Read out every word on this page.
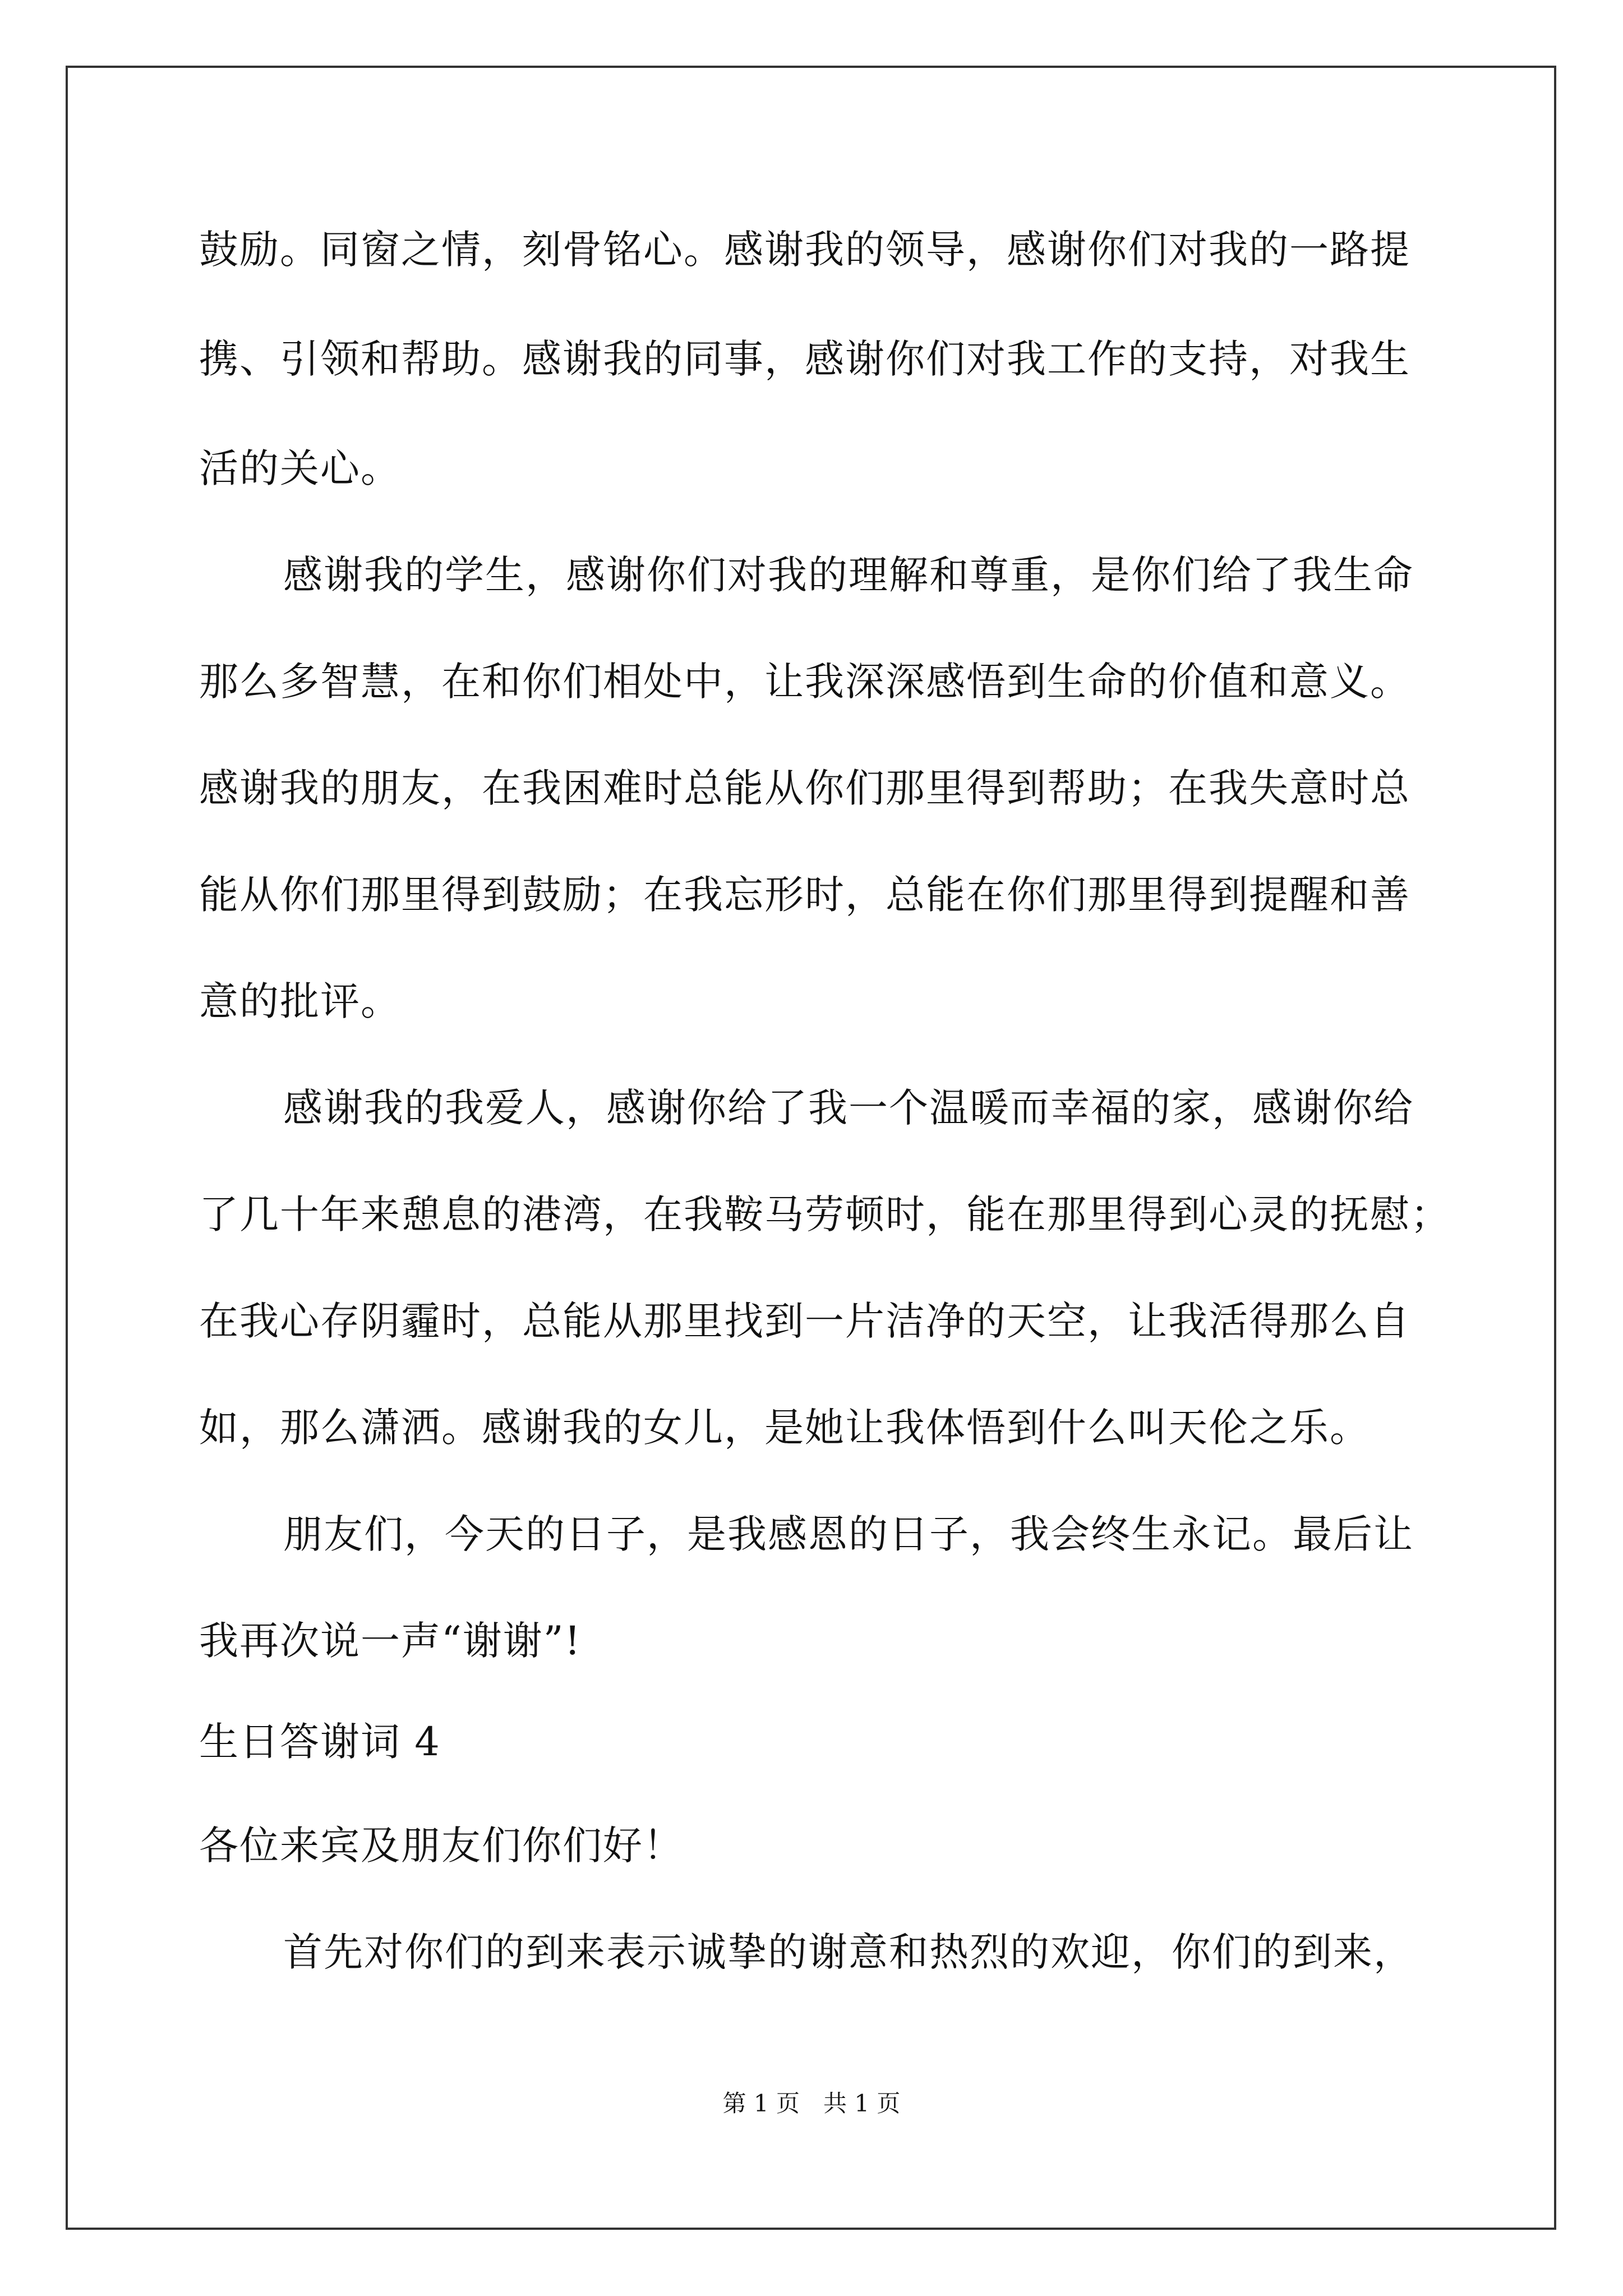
鼓励。同窗之情，刻骨铭心。感谢我的领导，感谢你们对我的一路提
携、引领和帮助。感谢我的同事，感谢你们对我工作的支持，对我生
活的关心。
感谢我的学生，感谢你们对我的理解和尊重，是你们给了我生命
那么多智慧，在和你们相处中，让我深深感悟到生命的价值和意义。
感谢我的朋友，在我困难时总能从你们那里得到帮助；在我失意时总
能从你们那里得到鼓励；在我忘形时，总能在你们那里得到提醒和善
意的批评。
感谢我的我爱人，感谢你给了我一个温暖而幸福的家，感谢你给
了几十年来憩息的港湾，在我鞍马劳顿时，能在那里得到心灵的抚慰；
在我心存阴霾时，总能从那里找到一片洁净的天空，让我活得那么自
如，那么潇洒。感谢我的女儿，是她让我体悟到什么叫天伦之乐。
朋友们，今天的日子，是我感恩的日子，我会终生永记。最后让
我再次说一声“谢谢”!
生日答谢词 4
各位来宾及朋友们你们好！
首先对你们的到来表示诚挚的谢意和热烈的欢迎，你们的到来，
第 1 页　共 1 页
